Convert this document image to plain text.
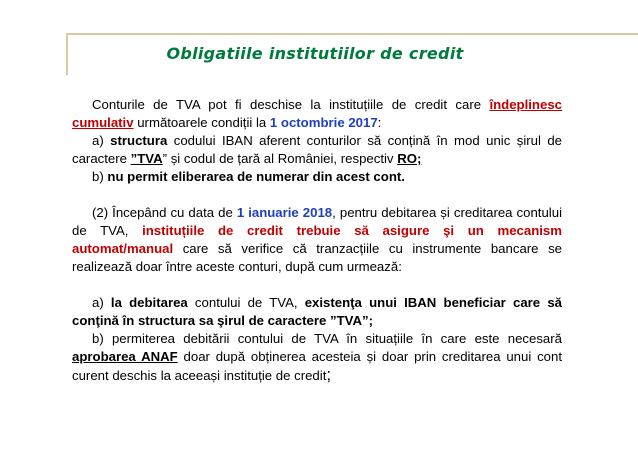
Obligatiile institutiilor de credit

Conturile de TVA pot fi deschise la instituțiile de credit care îndeplinesc cumulativ următoarele condiții la 1 octombrie 2017:

a) structura codului IBAN aferent conturilor să conțină în mod unic șirul de caractere ”TVA” și codul de țară al României, respectiv RO;

b) nu permit eliberarea de numerar din acest cont.

(2) Începând cu data de 1 ianuarie 2018, pentru debitarea și creditarea contului de TVA, instituțiile de credit trebuie să asigure şi un mecanism automat/manual care să verifice că tranzacțiile cu instrumente bancare se realizează doar între aceste conturi, după cum urmează:

a) la debitarea contului de TVA, existenţa unui IBAN beneficiar care să conţină în structura sa şirul de caractere ”TVA”;

b) permiterea debitării contului de TVA în situațiile în care este necesară aprobarea ANAF doar după obținerea acesteia și doar prin creditarea unui cont curent deschis la aceeași instituție de credit;
